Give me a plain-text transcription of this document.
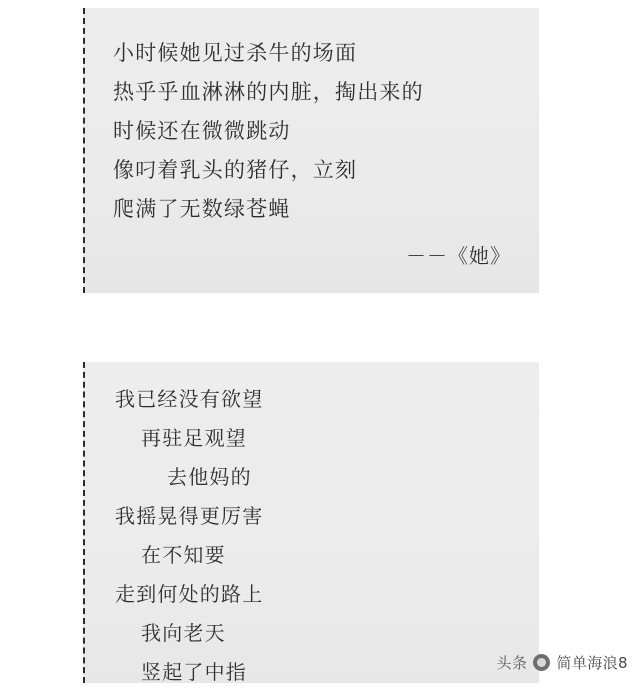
小时候她见过杀牛的场面
热乎乎血淋淋的内脏，掏出来的
时候还在微微跳动
像叼着乳头的猪仔，立刻
爬满了无数绿苍蝇
－－《她》
我已经没有欲望
再驻足观望
去他妈的
我摇晃得更厉害
在不知要
走到何处的路上
我向老天
竖起了中指	头条 简单海浪8
